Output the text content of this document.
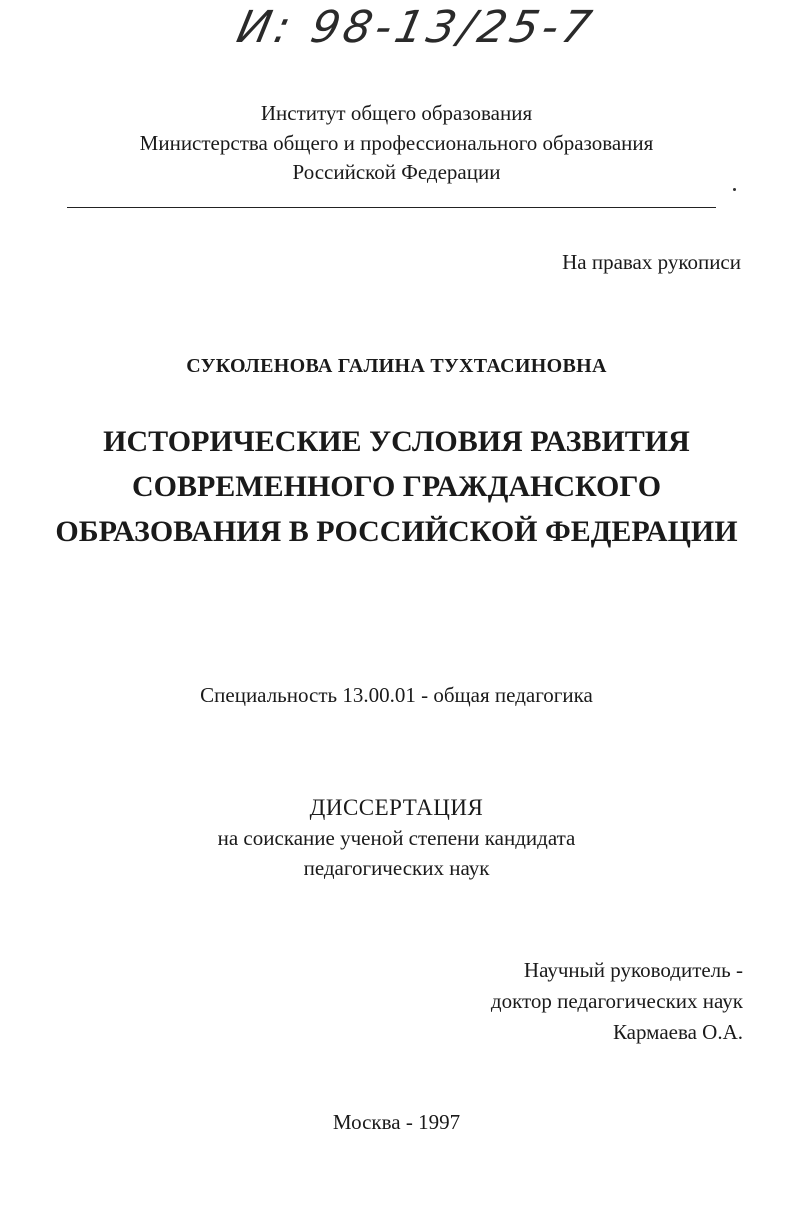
И: 98-13/25-7
Институт общего образования
Министерства общего и профессионального образования
Российской Федерации
На правах рукописи
СУКОЛЕНОВА ГАЛИНА ТУХТАСИНОВНА
ИСТОРИЧЕСКИЕ УСЛОВИЯ РАЗВИТИЯ
СОВРЕМЕННОГО ГРАЖДАНСКОГО
ОБРАЗОВАНИЯ В РОССИЙСКОЙ ФЕДЕРАЦИИ
Специальность 13.00.01 - общая педагогика
ДИССЕРТАЦИЯ
на соискание ученой степени кандидата
педагогических наук
Научный руководитель -
доктор педагогических наук
Кармаева О.А.
Москва - 1997
